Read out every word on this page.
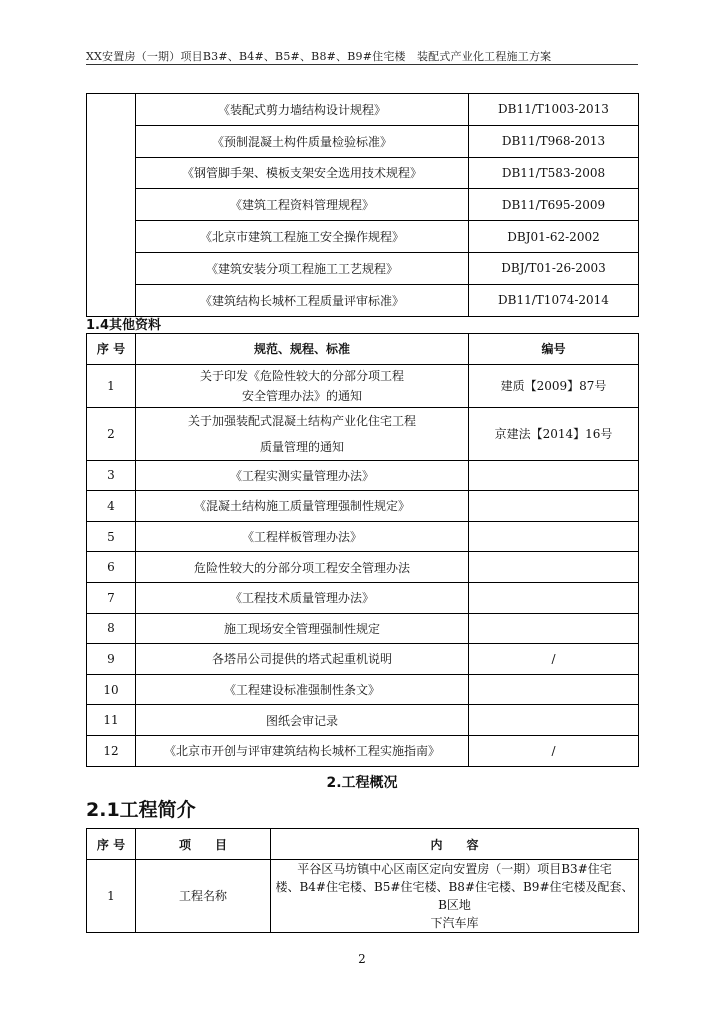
XX安置房（一期）项目B3#、B4#、B5#、B8#、B9#住宅楼　装配式产业化工程施工方案
	《装配式剪力墙结构设计规程》	DB11/T1003-2013
	《预制混凝土构件质量检验标准》	DB11/T968-2013
	《钢管脚手架、模板支架安全选用技术规程》	DB11/T583-2008
	《建筑工程资料管理规程》	DB11/T695-2009
	《北京市建筑工程施工安全操作规程》	DBJ01-62-2002
	《建筑安装分项工程施工工艺规程》	DBJ/T01-26-2003
	《建筑结构长城杯工程质量评审标准》	DB11/T1074-2014
1.4其他资料
序 号	规范、规程、标准	编号
1	关于印发《危险性较大的分部分项工程
安全管理办法》的通知	建质【2009】87号
2	关于加强装配式混凝土结构产业化住宅工程
质量管理的通知	京建法【2014】16号
3	《工程实测实量管理办法》	
4	《混凝土结构施工质量管理强制性规定》	
5	《工程样板管理办法》	
6	危险性较大的分部分项工程安全管理办法	
7	《工程技术质量管理办法》	
8	施工现场安全管理强制性规定	
9	各塔吊公司提供的塔式起重机说明	/
10	《工程建设标准强制性条文》	
11	图纸会审记录	
12	《北京市开创与评审建筑结构长城杯工程实施指南》	/
2.工程概况
2.1工程简介
序 号	项　　目	内　　容
1	工程名称	平谷区马坊镇中心区南区定向安置房（一期）项目B3#住宅
楼、B4#住宅楼、B5#住宅楼、B8#住宅楼、B9#住宅楼及配套、B区地
下汽车库
2
